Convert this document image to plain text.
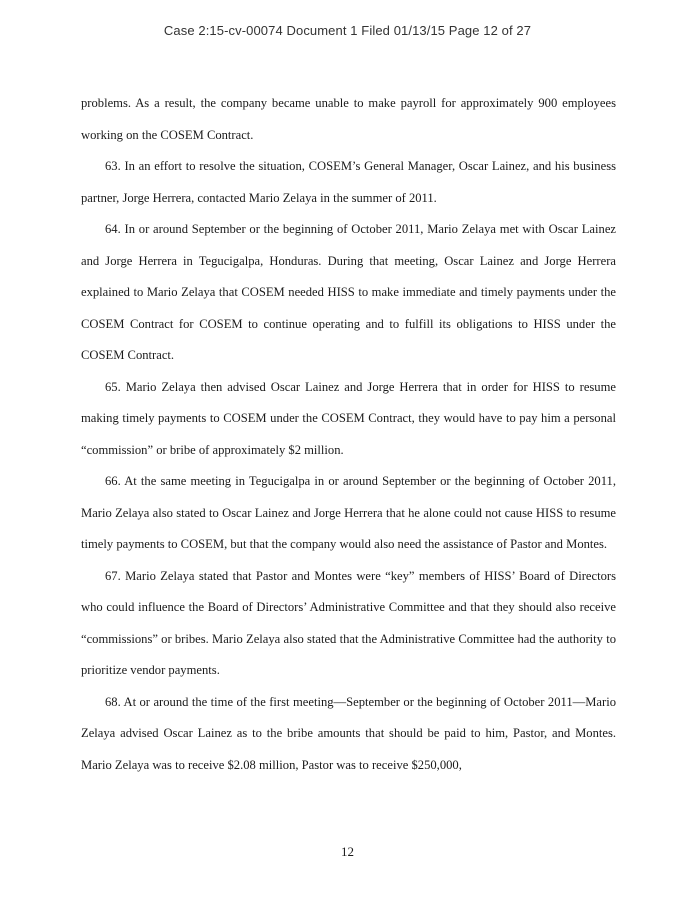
Case 2:15-cv-00074 Document 1 Filed 01/13/15 Page 12 of 27

problems. As a result, the company became unable to make payroll for approximately 900 employees working on the COSEM Contract.

63. In an effort to resolve the situation, COSEM’s General Manager, Oscar Lainez, and his business partner, Jorge Herrera, contacted Mario Zelaya in the summer of 2011.

64. In or around September or the beginning of October 2011, Mario Zelaya met with Oscar Lainez and Jorge Herrera in Tegucigalpa, Honduras. During that meeting, Oscar Lainez and Jorge Herrera explained to Mario Zelaya that COSEM needed HISS to make immediate and timely payments under the COSEM Contract for COSEM to continue operating and to fulfill its obligations to HISS under the COSEM Contract.

65. Mario Zelaya then advised Oscar Lainez and Jorge Herrera that in order for HISS to resume making timely payments to COSEM under the COSEM Contract, they would have to pay him a personal “commission” or bribe of approximately $2 million.

66. At the same meeting in Tegucigalpa in or around September or the beginning of October 2011, Mario Zelaya also stated to Oscar Lainez and Jorge Herrera that he alone could not cause HISS to resume timely payments to COSEM, but that the company would also need the assistance of Pastor and Montes.

67. Mario Zelaya stated that Pastor and Montes were “key” members of HISS’ Board of Directors who could influence the Board of Directors’ Administrative Committee and that they should also receive “commissions” or bribes. Mario Zelaya also stated that the Administrative Committee had the authority to prioritize vendor payments.

68. At or around the time of the first meeting—September or the beginning of October 2011—Mario Zelaya advised Oscar Lainez as to the bribe amounts that should be paid to him, Pastor, and Montes. Mario Zelaya was to receive $2.08 million, Pastor was to receive $250,000,

12
